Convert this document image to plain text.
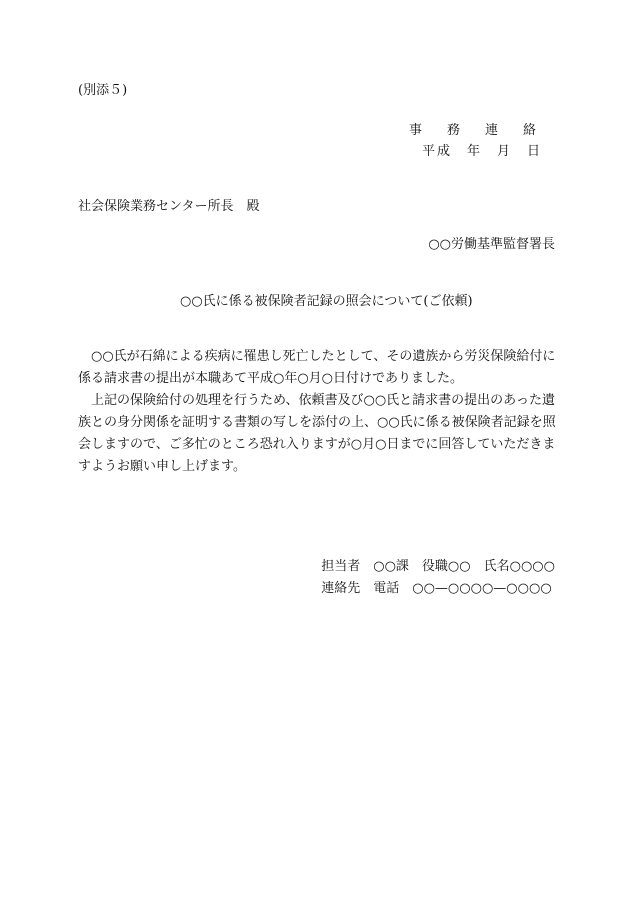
(別添５)
事　務　連　絡
平成　年　月　日
社会保険業務センター所長　殿
○○労働基準監督署長
○○氏に係る被保険者記録の照会について(ご依頼)

○○氏が石綿による疾病に罹患し死亡したとして、その遺族から労災保険給付に係る請求書の提出が本職あて平成○年○月○日付けでありました。

上記の保険給付の処理を行うため、依頼書及び○○氏と請求書の提出のあった遺族との身分関係を証明する書類の写しを添付の上、○○氏に係る被保険者記録を照会しますので、ご多忙のところ恐れ入りますが○月○日までに回答していただきますようお願い申し上げます。

担当者　○○課　役職○○　氏名○○○○
連絡先　電話　○○—○○○○—○○○○
